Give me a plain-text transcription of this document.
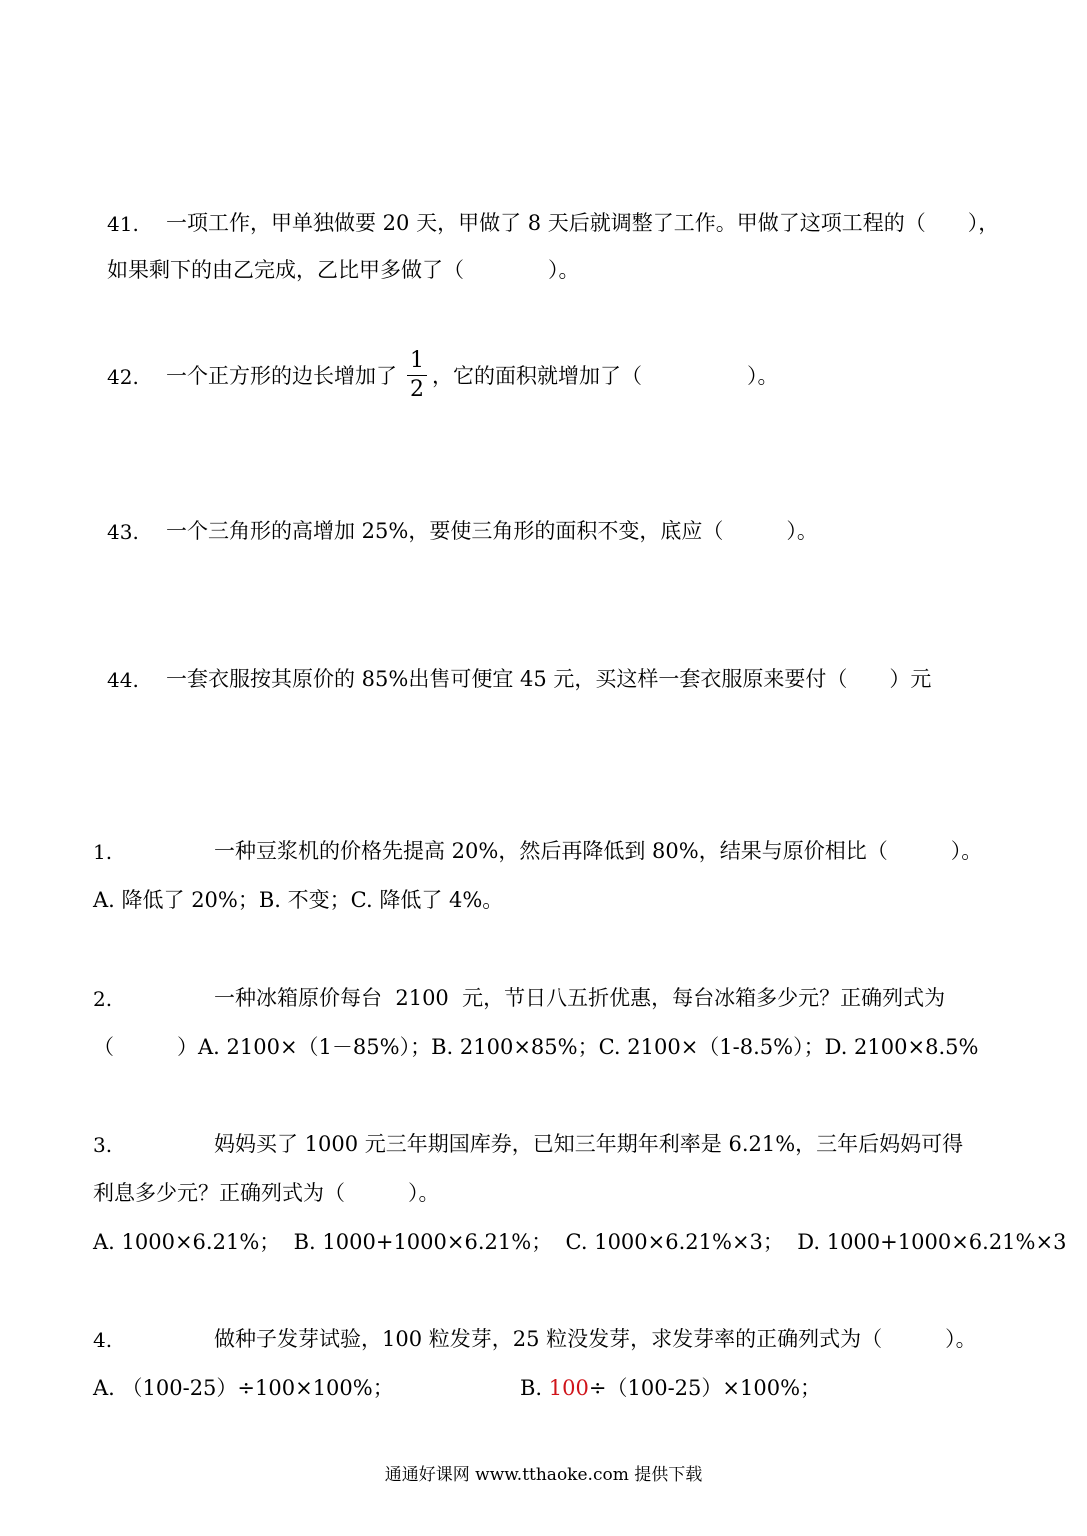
41. 一项工作，甲单独做要 20 天，甲做了 8 天后就调整了工作。甲做了这项工程的（　　），
如果剩下的由乙完成，乙比甲多做了（　　　　）。
42. 一个正方形的边长增加了
1
2
，它的面积就增加了（　　　　　）。
43. 一个三角形的高增加 25%，要使三角形的面积不变，底应（　　　）。
44. 一套衣服按其原价的 85%出售可便宜 45 元，买这样一套衣服原来要付（　　）元
1.	一种豆浆机的价格先提高 20%，然后再降低到 80%，结果与原价相比（　　　）。
A. 降低了 20%；B. 不变；C. 降低了 4%。
2.	一种冰箱原价每台  2100  元，节日八五折优惠，每台冰箱多少元？正确列式为
（　　　）A. 2100×（1－85%）；B. 2100×85%；C. 2100×（1-8.5%）；D. 2100×8.5%
3.	妈妈买了 1000 元三年期国库券，已知三年期年利率是 6.21%，三年后妈妈可得
利息多少元？正确列式为（　　　）。
A. 1000×6.21%；  B. 1000+1000×6.21%；  C. 1000×6.21%×3；  D. 1000+1000×6.21%×3
4.	做种子发芽试验，100 粒发芽，25 粒没发芽，求发芽率的正确列式为（　　　）。
A. （100-25）÷100×100%；	B. 100÷（100-25）×100%；
通通好课网 www.tthaoke.com 提供下载
